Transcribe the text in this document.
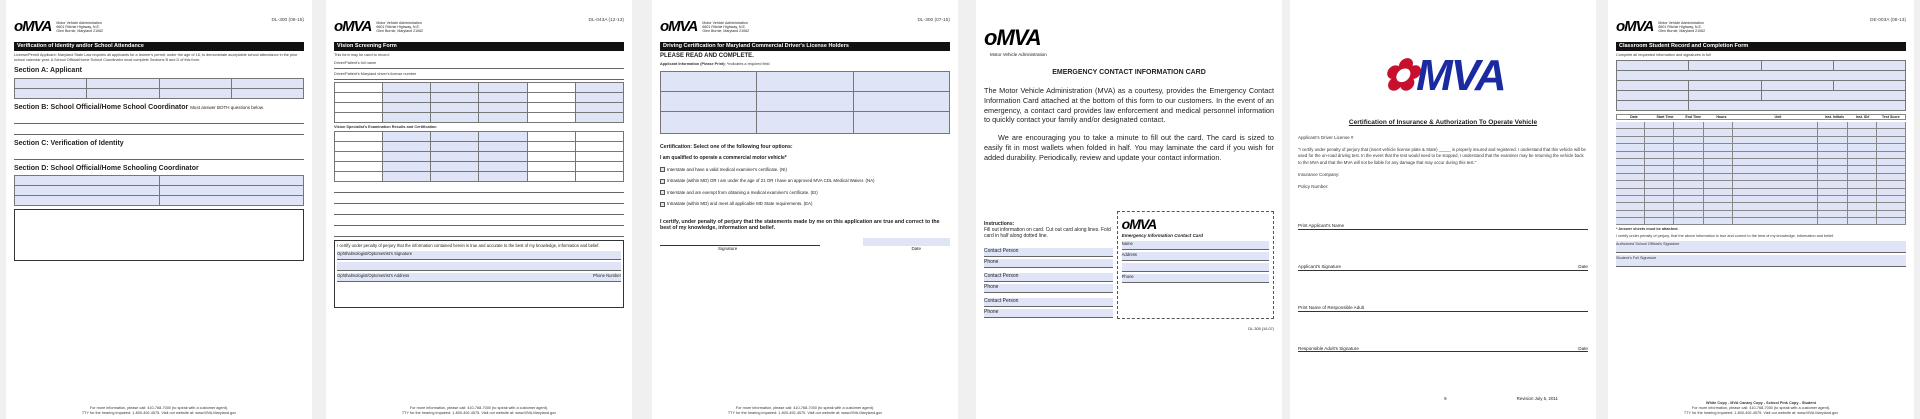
oMVA Motor Vehicle Administration
6601 Ritchie Highway, N.E.
Glen Burnie, Maryland 21062
DL-300 (08-15)
Verification of Identity and/or School Attendance
License/Permit Applicant: Maryland State Law requires all applicants for a learner's permit, under the age of 16, to demonstrate acceptable school attendance in the prior school calendar year. A School Official/Home School Coordinator must complete Sections B and D of this form.
Section A: Applicant

Section B: School Official/Home School Coordinator Must answer BOTH questions below.
Section C: Verification of Identity
Section D: School Official/Home Schooling Coordinator

For more information, please call: 410-768-7000 (to speak with a customer agent).
TTY for the hearing impaired: 1-800-492-4575. Visit our website at: www.MVA.Maryland.gov
oMVA Motor Vehicle Administration
6601 Ritchie Highway, N.E.
Glen Burnie, Maryland 21062
DL-043A (12-13)
Vision Screening Form
This form may be used to record:
Driver/Patient's full name
Driver/Patient's Maryland driver's license number

Vision Specialist's Examination Results and Certification

I certify under penalty of perjury that the information contained herein is true and accurate to the best of my knowledge, information and belief.
Ophthalmologist/Optometrist's Signature
Ophthalmologist/Optometrist's Address	Phone Number
For more information, please call: 410-768-7000 (to speak with a customer agent).
TTY for the hearing impaired: 1-800-492-4575. Visit our website at: www.MVA.Maryland.gov
oMVA Motor Vehicle Administration
6601 Ritchie Highway, N.E.
Glen Burnie, Maryland 21062
DL-300 (07-15)
Driving Certification for Maryland Commercial Driver's License Holders
PLEASE READ AND COMPLETE.
Applicant Information (Please Print): *indicates a required field

Certification: Select one of the following four options:
I am qualified to operate a commercial motor vehicle*
Interstate and have a valid medical examiner's certificate. (NI)
Intrastate (within MD) OR I am under the age of 21 OR I have an approved MVA CDL Medical Waiver. (NA)
Interstate and am exempt from obtaining a medical examiner's certificate. (EI)
Intrastate (within MD) and meet all applicable MD State requirements. (EA)
I certify, under penalty of perjury that the statements made by me on this application are true and correct to the best of my knowledge, information and belief.
Signature	Date
For more information, please call: 410-768-7000 (to speak with a customer agent).
TTY for the hearing impaired: 1-800-492-4575. Visit our website at: www.MVA.Maryland.gov
oMVA
Motor Vehicle Administration
EMERGENCY CONTACT INFORMATION CARD
The Motor Vehicle Administration (MVA) as a courtesy, provides the Emergency Contact Information Card attached at the bottom of this form to our customers. In the event of an emergency, a contact card provides law enforcement and medical personnel information to quickly contact your family and/or designated contact.
We are encouraging you to take a minute to fill out the card. The card is sized to easily fit in most wallets when folded in half. You may laminate the card if you wish for added durability. Periodically, review and update your contact information.
Instructions:
Fill out information on card. Cut out card along lines. Fold card in half along dotted line.
Contact Person
Phone
Contact Person
Phone
Contact Person
Phone
oMVA
Emergency Information Contact Card
Name
Address
Phone
DL-305 (10-07)
✿MVA
Certification of Insurance & Authorization To Operate Vehicle
Applicant's Driver License #
"I certify under penalty of perjury that (insert vehicle license plate & State) _____ is properly insured and registered. I understand that this vehicle will be used for the on-road driving test. In the event that the test would need to be stopped, I understand that the examiner may be returning the vehicle back to the MVA and that the MVA will not be liable for any damage that may occur during this test."
Insurance Company:
Policy Number:
Print Applicant's Name
Applicant's Signature	Date
Print Name of Responsible Adult
Responsible Adult's Signature	Date
9	Revision July 5, 2011
oMVA Motor Vehicle Administration
6601 Ritchie Highway, N.E.
Glen Burnie, Maryland 21062
DE-003A (08-13)
Classroom Student Record and Completion Form
Complete all requested information and signatures in full

Date	Start Time	End Time	Hours	Unit	Inst. Initials	Inst. ID#	Test Score
* Answer sheets must be attached.
I certify under penalty of perjury, that the above information is true and correct to the best of my knowledge, information and belief.
Authorized School Official's Signature
Student's Full Signature
White Copy - MVA Canary Copy - School Pink Copy - Student
For more information, please call: 410-768-7000 (to speak with a customer agent).
TTY for the hearing impaired: 1-800-492-4575. Visit our website at: www.MVA.Maryland.gov
